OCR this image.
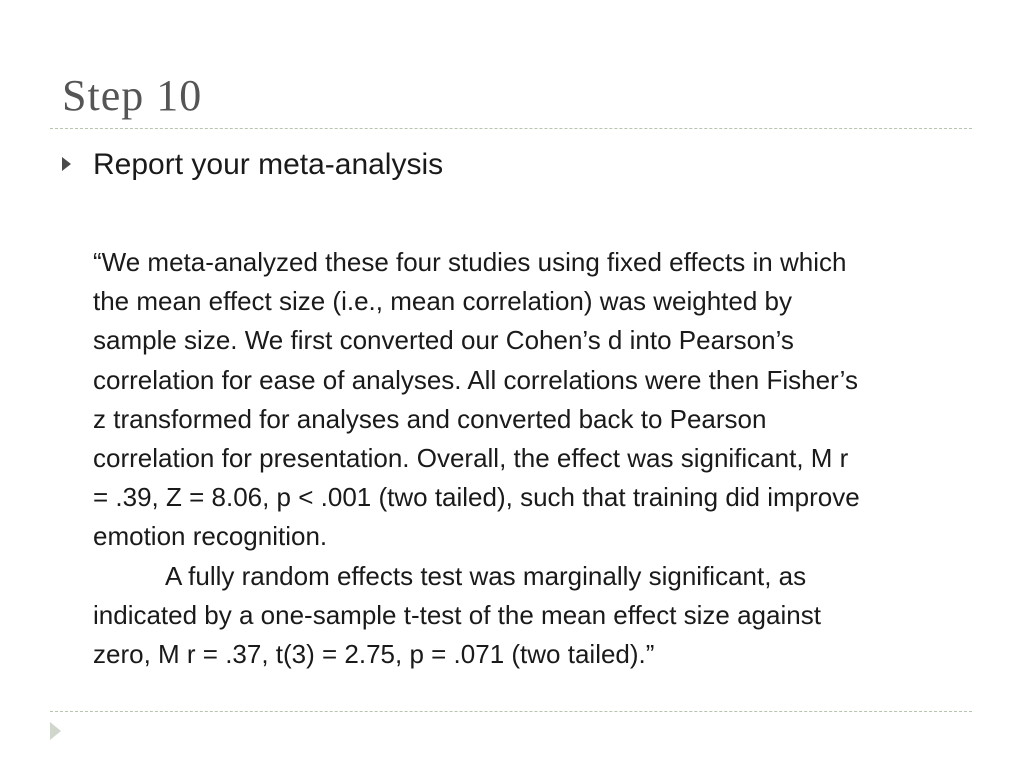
Step 10
Report your meta-analysis
“We meta-analyzed these four studies using fixed effects in which
the mean effect size (i.e., mean correlation) was weighted by
sample size. We first converted our Cohen’s d into Pearson’s
correlation for ease of analyses. All correlations were then Fisher’s
z transformed for analyses and converted back to Pearson
correlation for presentation. Overall, the effect was significant, M r
= .39, Z = 8.06, p < .001 (two tailed), such that training did improve
emotion recognition.
A fully random effects test was marginally significant, as
indicated by a one-sample t-test of the mean effect size against
zero, M r = .37, t(3) = 2.75, p = .071 (two tailed).”
